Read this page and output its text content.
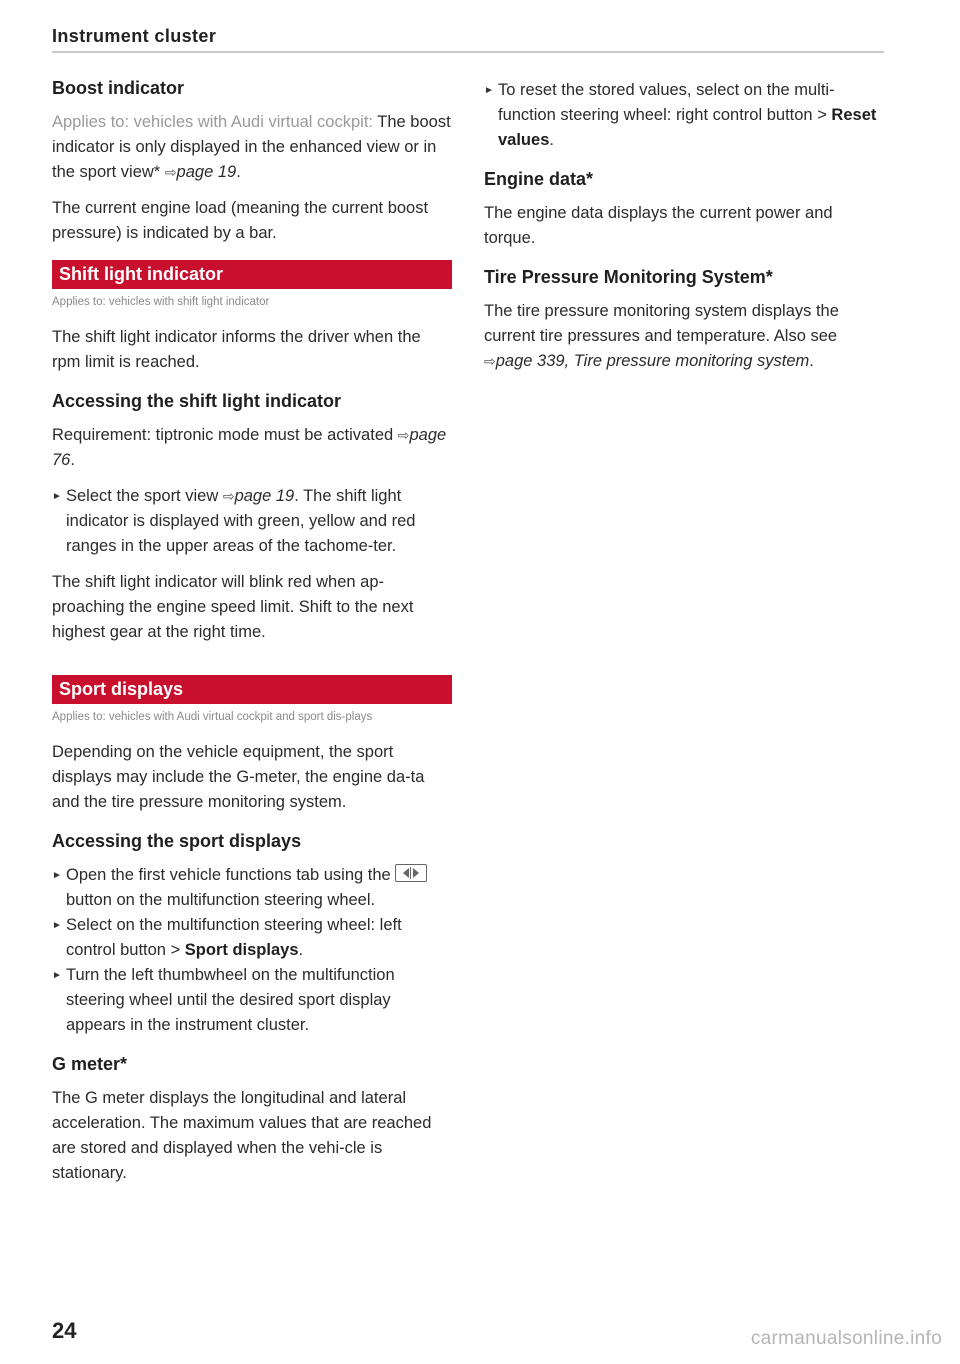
Instrument cluster
Boost indicator

Applies to: vehicles with Audi virtual cockpit: The boost indicator is only displayed in the enhanced view or in the sport view* ⇨page 19.

The current engine load (meaning the current boost pressure) is indicated by a bar.

Shift light indicator
Applies to: vehicles with shift light indicator

The shift light indicator informs the driver when the rpm limit is reached.

Accessing the shift light indicator

Requirement: tiptronic mode must be activated ⇨page 76.

► Select the sport view ⇨page 19. The shift light indicator is displayed with green, yellow and red ranges in the upper areas of the tachome-ter.

The shift light indicator will blink red when ap-proaching the engine speed limit. Shift to the next highest gear at the right time.

Sport displays
Applies to: vehicles with Audi virtual cockpit and sport dis-plays

Depending on the vehicle equipment, the sport displays may include the G-meter, the engine da-ta and the tire pressure monitoring system.

Accessing the sport displays
► Open the first vehicle functions tab using the
button on the multifunction steering wheel.
► Select on the multifunction steering wheel: left control button > Sport displays.
► Turn the left thumbwheel on the multifunction steering wheel until the desired sport display appears in the instrument cluster.
G meter*

The G meter displays the longitudinal and lateral acceleration. The maximum values that are reached are stored and displayed when the vehi-cle is stationary.

► To reset the stored values, select on the multi-function steering wheel: right control button > Reset values.
Engine data*

The engine data displays the current power and torque.

Tire Pressure Monitoring System*

The tire pressure monitoring system displays the current tire pressures and temperature. Also see ⇨page 339, Tire pressure monitoring system.

24	carmanualsonline.info
